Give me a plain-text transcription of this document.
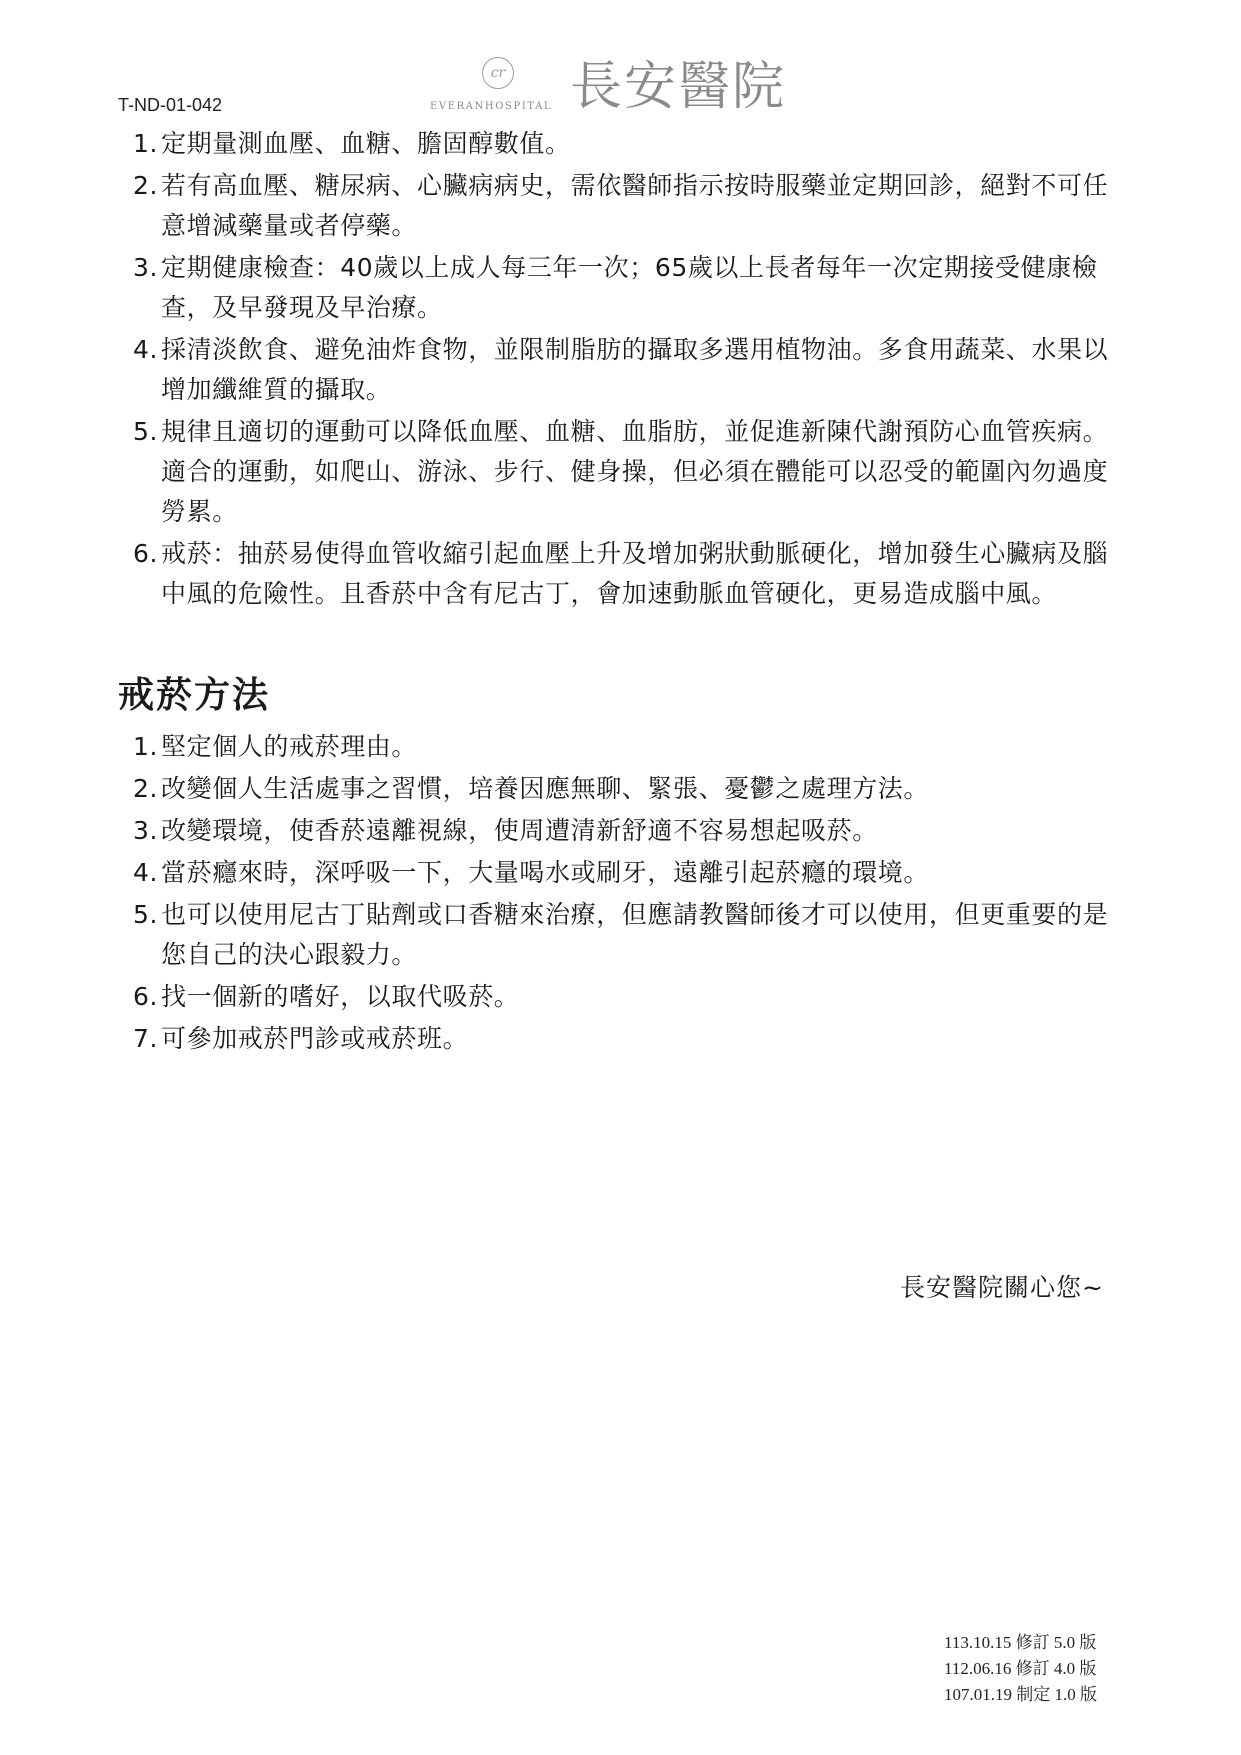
T-ND-01-042
cr
EVERANHOSPITAL 長安醫院
1. 定期量測血壓、血糖、膽固醇數值。
2. 若有高血壓、糖尿病、心臟病病史，需依醫師指示按時服藥並定期回診，絕對不可任意增減藥量或者停藥。
3. 定期健康檢查：40歲以上成人每三年一次；65歲以上長者每年一次定期接受健康檢查，及早發現及早治療。
4. 採清淡飲食、避免油炸食物，並限制脂肪的攝取多選用植物油。多食用蔬菜、水果以增加纖維質的攝取。
5. 規律且適切的運動可以降低血壓、血糖、血脂肪，並促進新陳代謝預防心血管疾病。適合的運動，如爬山、游泳、步行、健身操，但必須在體能可以忍受的範圍內勿過度勞累。
6. 戒菸：抽菸易使得血管收縮引起血壓上升及增加粥狀動脈硬化，增加發生心臟病及腦中風的危險性。且香菸中含有尼古丁，會加速動脈血管硬化，更易造成腦中風。
戒菸方法
1. 堅定個人的戒菸理由。
2. 改變個人生活處事之習慣，培養因應無聊、緊張、憂鬱之處理方法。
3. 改變環境，使香菸遠離視線，使周遭清新舒適不容易想起吸菸。
4. 當菸癮來時，深呼吸一下，大量喝水或刷牙，遠離引起菸癮的環境。
5. 也可以使用尼古丁貼劑或口香糖來治療，但應請教醫師後才可以使用，但更重要的是您自己的決心跟毅力。
6. 找一個新的嗜好，以取代吸菸。
7. 可參加戒菸門診或戒菸班。
長安醫院關心您~
113.10.15 修訂 5.0 版
112.06.16 修訂 4.0 版
107.01.19 制定 1.0 版
